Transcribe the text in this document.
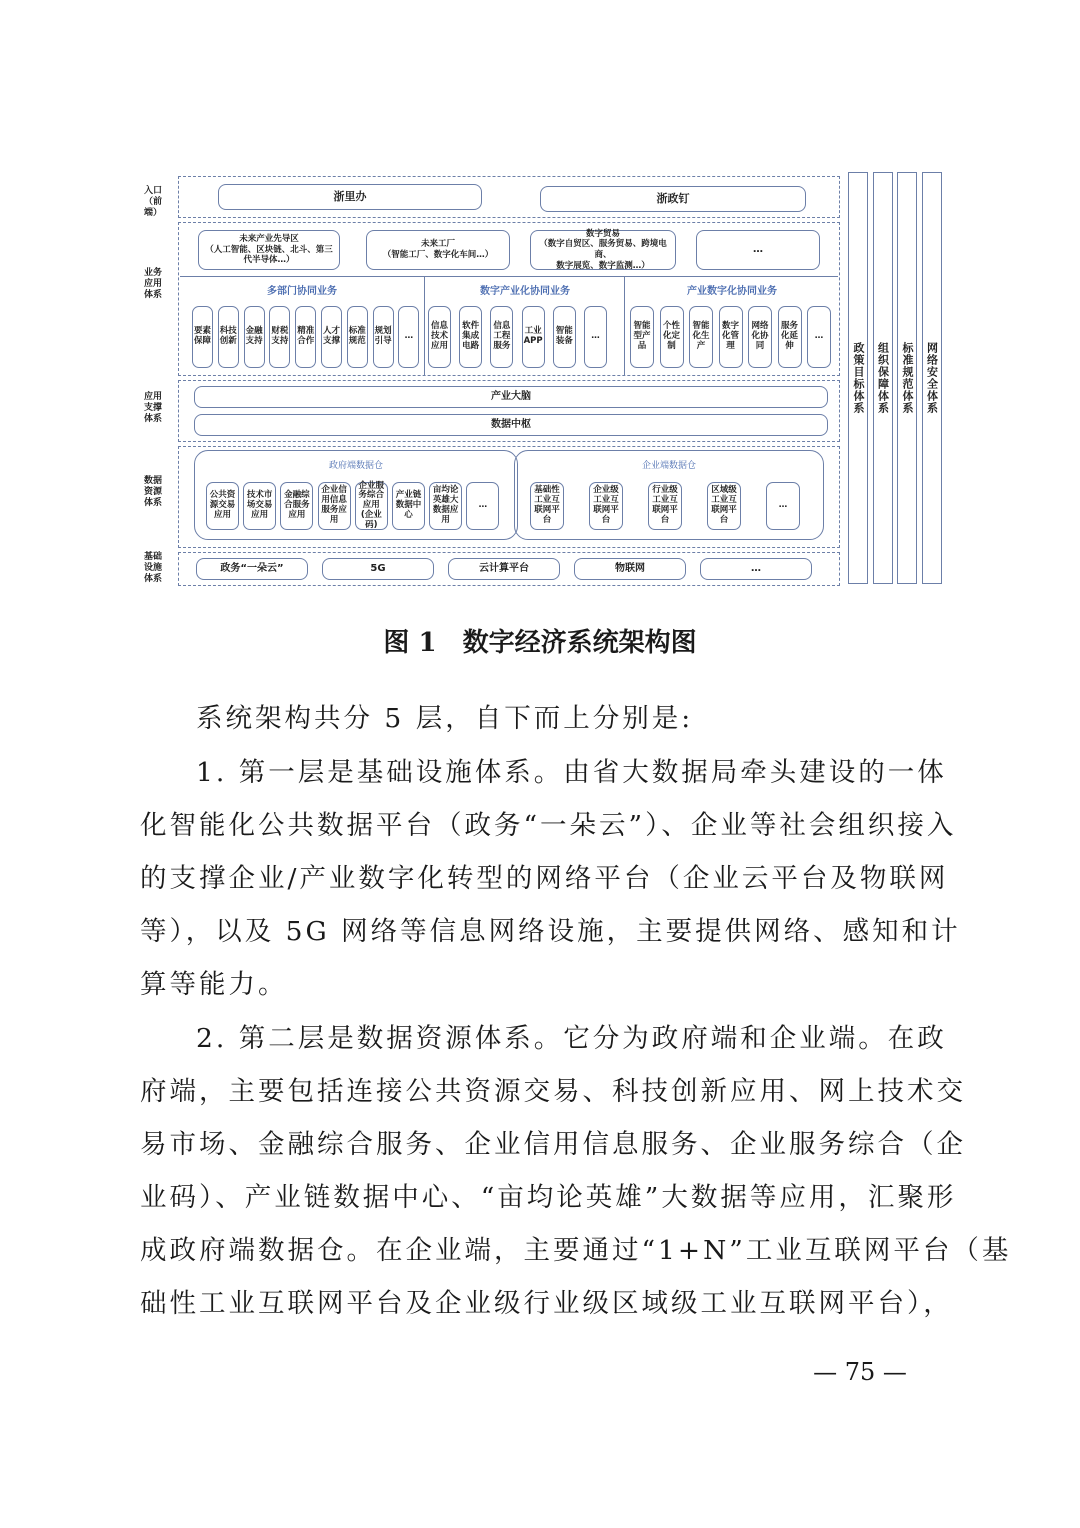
入口
（前端）
业务
应用
体系
应用
支撑
体系
数据
资源
体系
基础
设施
体系
浙里办	浙政钉
未来产业先导区
（人工智能、区块链、北斗、第三
代半导体…）
未来工厂
（智能工厂、数字化车间…）
数字贸易
（数字自贸区、服务贸易、跨境电商、
数字展览、数字监测…）
…
多部门协同业务	数字产业化协同业务	产业数字化协同业务
要素
保障
科技
创新
金融
支持
财税
支持
精准
合作
人才
支撑
标准
规范
规划
引导	…
信息
技术
应用
软件
集成
电路
信息
工程
服务
工业
APP
智能
装备	…
智能
型产
品
个性
化定
制
智能
化生
产
数字
化管
理
网络
化协
同
服务
化延
伸
…
产业大脑
数据中枢
政府端数据仓	企业端数据仓
公共资
源交易
应用
技术市
场交易
应用
金融综
合服务
应用
企业信
用信息
服务应
用
企业服
务综合
应用
(企业码)
产业链
数据中
心
亩均论
英雄大
数据应
用
…
基础性
工业互
联网平
台
企业级
工业互
联网平
台
行业级
工业互
联网平
台
区域级
工业互
联网平
台
…
政务“一朵云”	5G	云计算平台	物联网	…
政策目标体系 组织保障体系 标准规范体系 网络安全体系
图 1　数字经济系统架构图
系统架构共分 5 层，自下而上分别是:
1. 第一层是基础设施体系。由省大数据局牵头建设的一体
化智能化公共数据平台（政务“一朵云”）、企业等社会组织接入
的支撑企业/产业数字化转型的网络平台（企业云平台及物联网
等），以及 5G 网络等信息网络设施，主要提供网络、感知和计
算等能力。
2. 第二层是数据资源体系。它分为政府端和企业端。在政
府端，主要包括连接公共资源交易、科技创新应用、网上技术交
易市场、金融综合服务、企业信用信息服务、企业服务综合（企
业码）、产业链数据中心、“亩均论英雄”大数据等应用，汇聚形
成政府端数据仓。在企业端，主要通过“1+N”工业互联网平台（基
础性工业互联网平台及企业级行业级区域级工业互联网平台），
— 75 —
